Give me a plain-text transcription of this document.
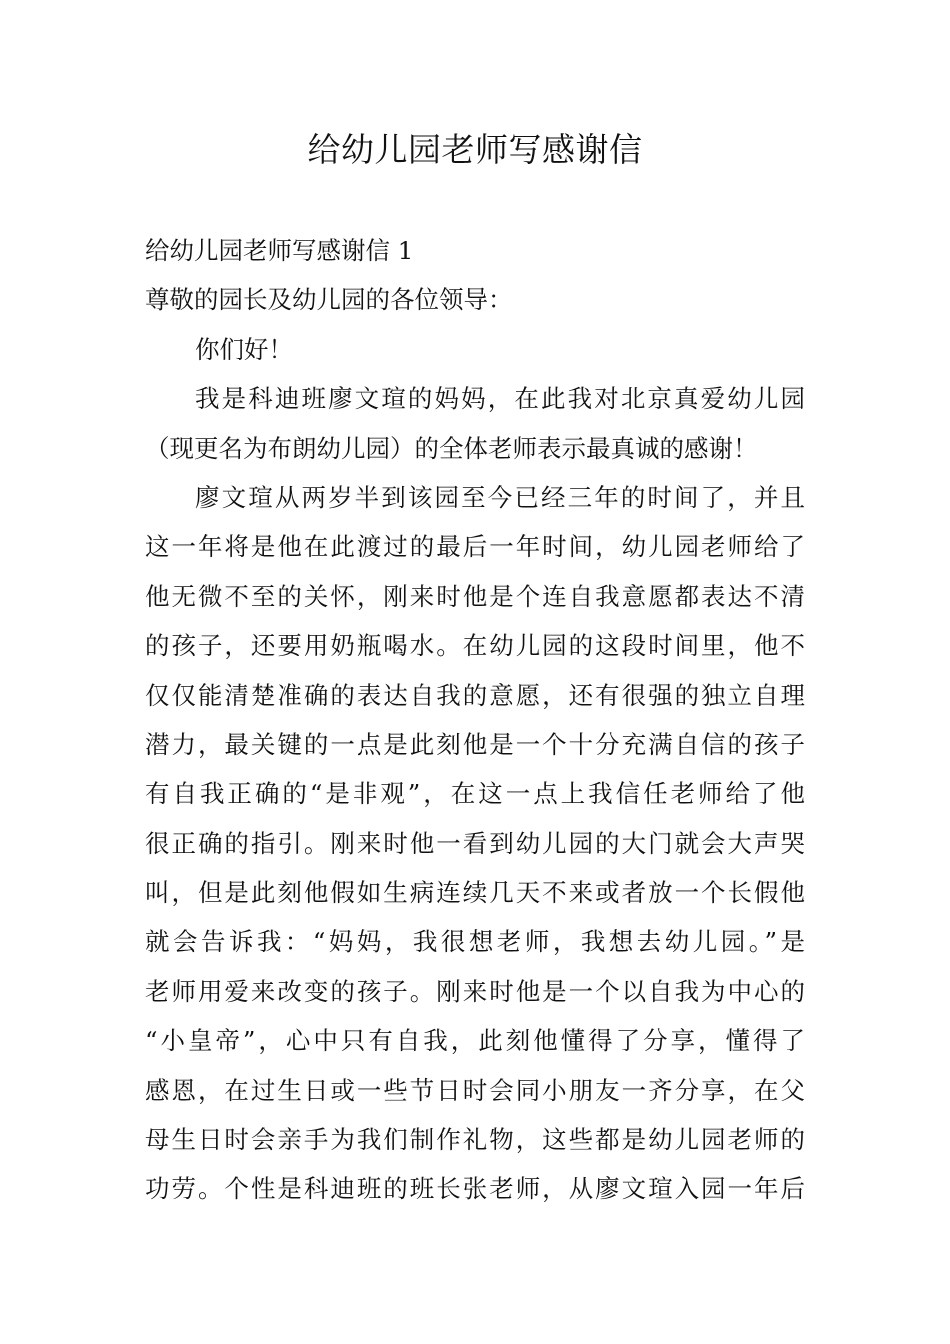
给幼儿园老师写感谢信
给幼儿园老师写感谢信 1
尊敬的园长及幼儿园的各位领导：
你们好！
我是科迪班廖文瑄的妈妈，在此我对北京真爱幼儿园
（现更名为布朗幼儿园）的全体老师表示最真诚的感谢！
廖文瑄从两岁半到该园至今已经三年的时间了，并且
这一年将是他在此渡过的最后一年时间，幼儿园老师给了
他无微不至的关怀，刚来时他是个连自我意愿都表达不清
的孩子，还要用奶瓶喝水。在幼儿园的这段时间里，他不
仅仅能清楚准确的表达自我的意愿，还有很强的独立自理
潜力，最关键的一点是此刻他是一个十分充满自信的孩子
有自我正确的“是非观”，在这一点上我信任老师给了他
很正确的指引。刚来时他一看到幼儿园的大门就会大声哭
叫，但是此刻他假如生病连续几天不来或者放一个长假他
就会告诉我：“妈妈，我很想老师，我想去幼儿园。”是
老师用爱来改变的孩子。刚来时他是一个以自我为中心的
“小皇帝”，心中只有自我，此刻他懂得了分享，懂得了
感恩，在过生日或一些节日时会同小朋友一齐分享，在父
母生日时会亲手为我们制作礼物，这些都是幼儿园老师的
功劳。个性是科迪班的班长张老师，从廖文瑄入园一年后
